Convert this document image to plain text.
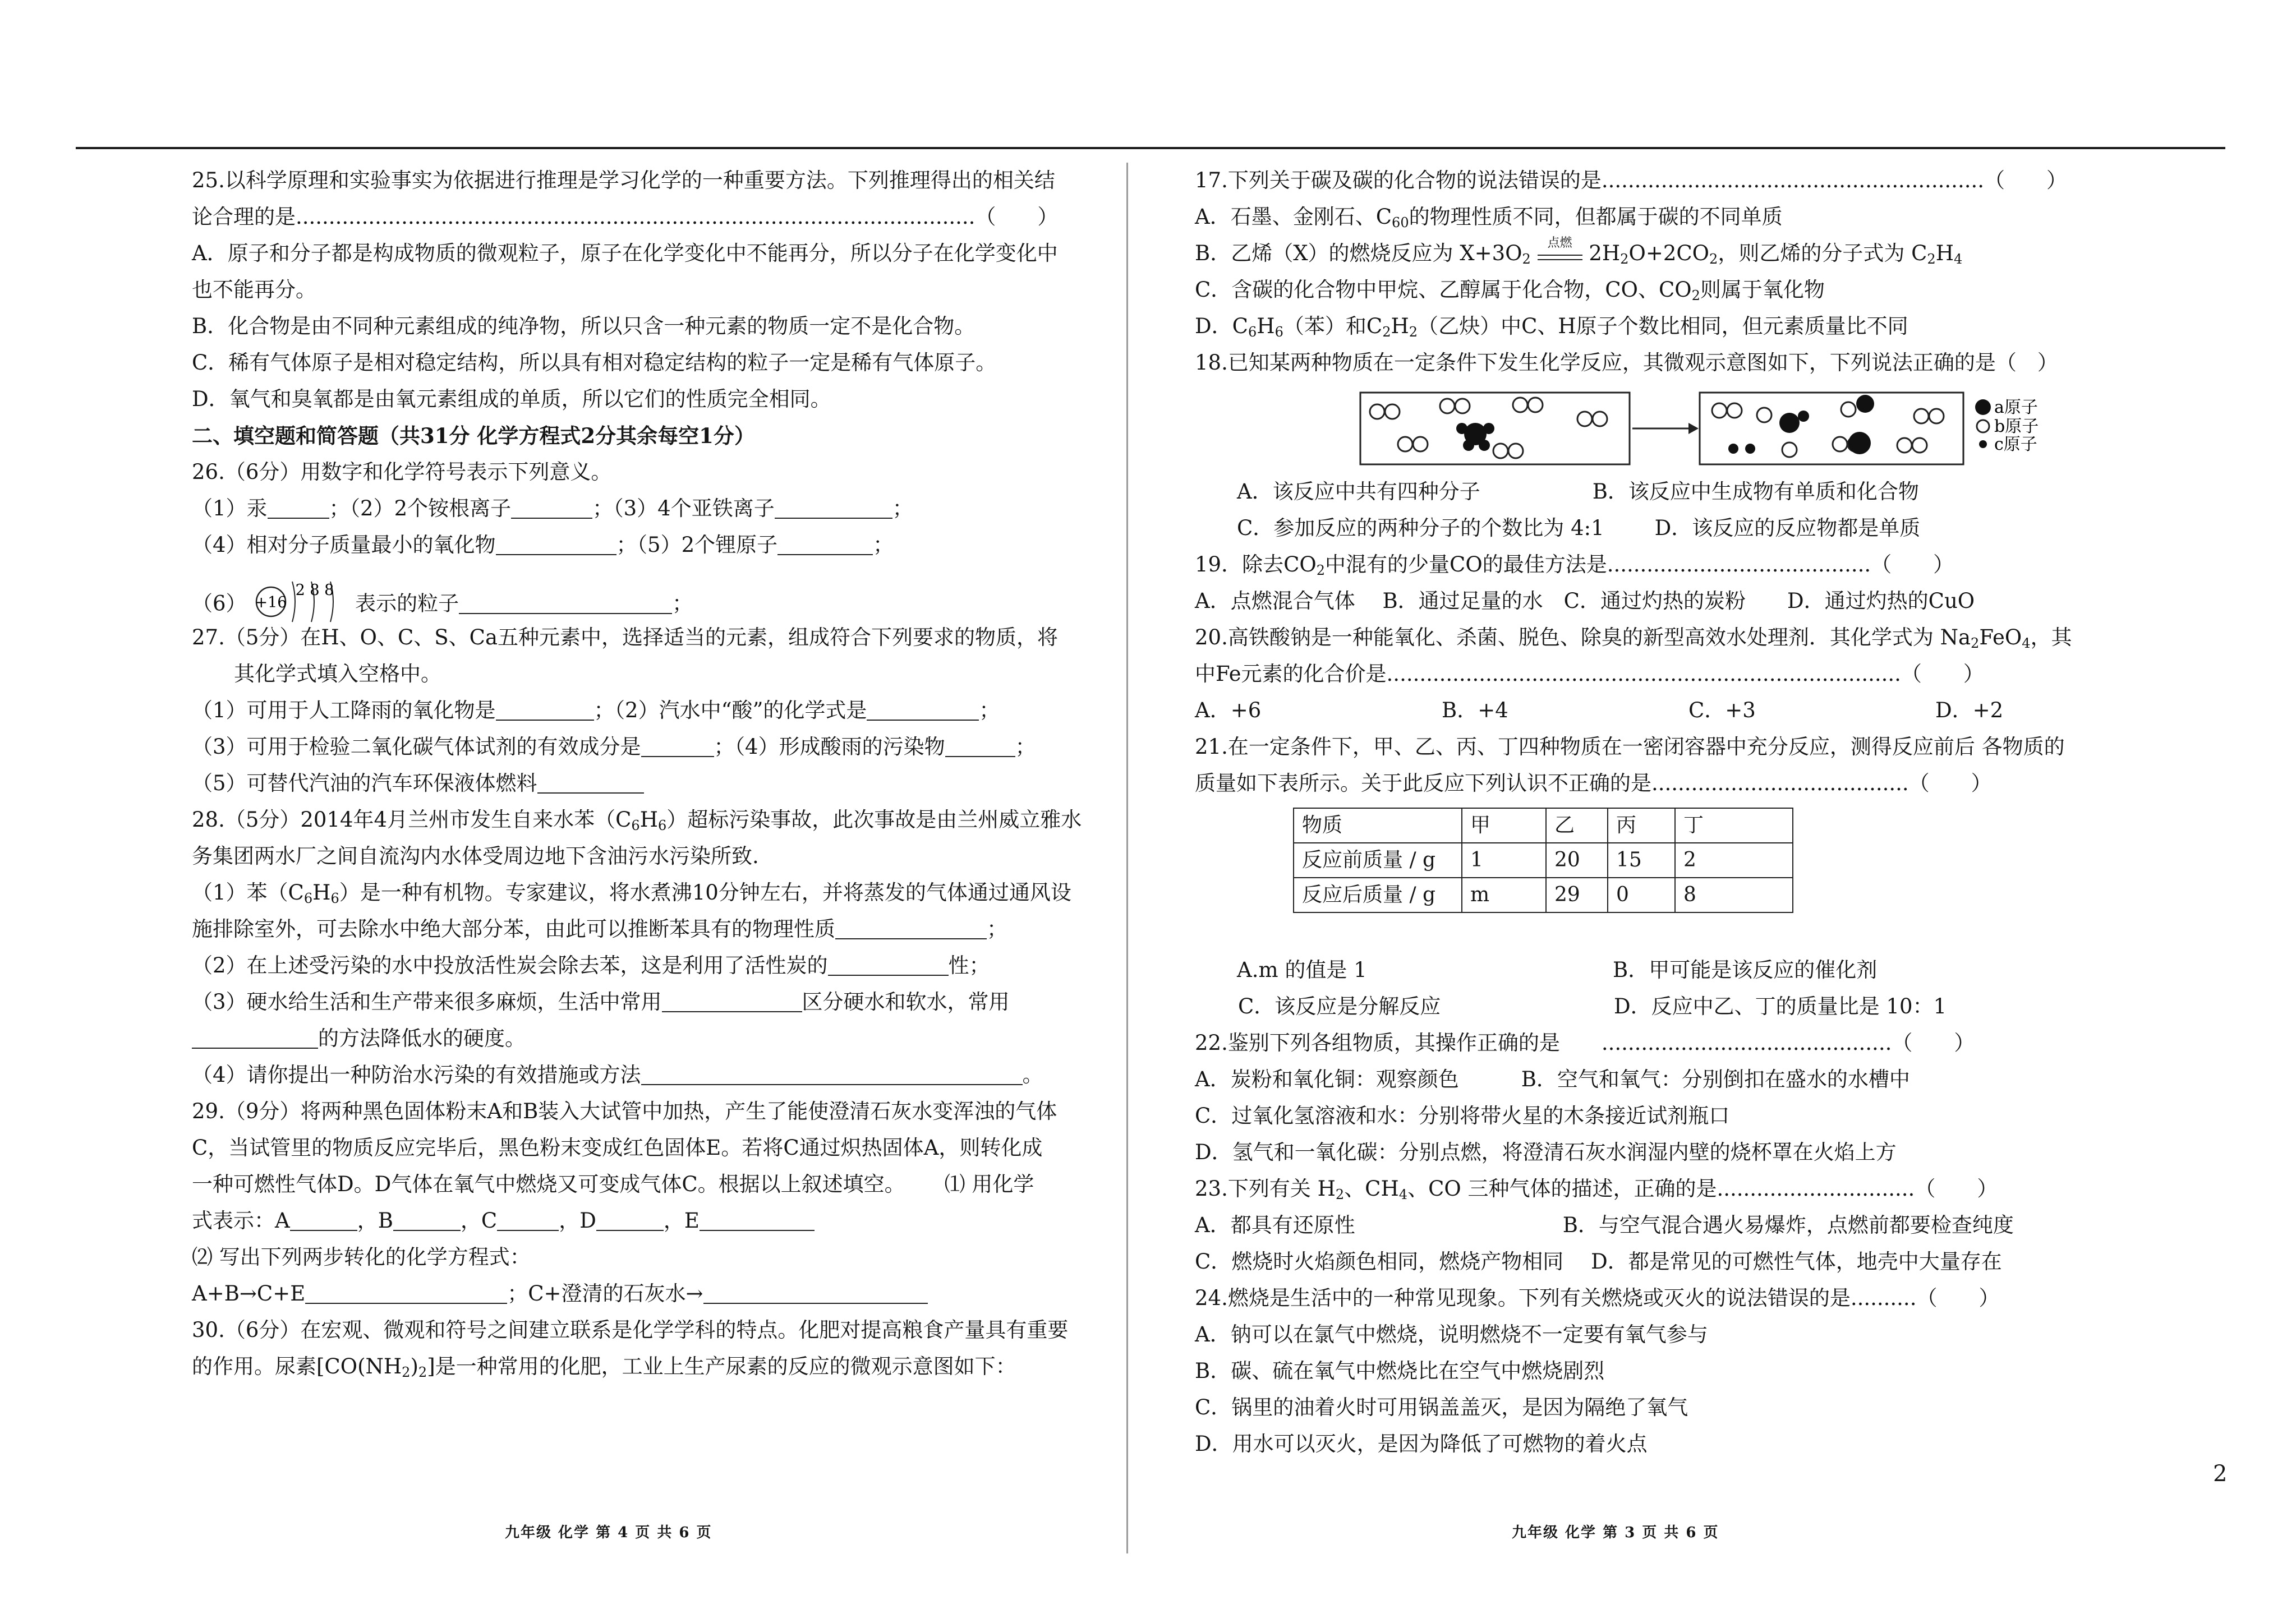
25.以科学原理和实验事实为依据进行推理是学习化学的一种重要方法。下列推理得出的相关结
论合理的是.......................................................................................................（　　）
A．原子和分子都是构成物质的微观粒子，原子在化学变化中不能再分，所以分子在化学变化中
也不能再分。
B．化合物是由不同种元素组成的纯净物，所以只含一种元素的物质一定不是化合物。
C．稀有气体原子是相对稳定结构，所以具有相对稳定结构的粒子一定是稀有气体原子。
D．氧气和臭氧都是由氧元素组成的单质，所以它们的性质完全相同。
二、填空题和简答题（共31分 化学方程式2分其余每空1分）
26.（6分）用数字和化学符号表示下列意义。
（1）汞	；（2）2个铵根离子	；（3）4个亚铁离子	；
（4）相对分子质量最小的氧化物	；（5）2个锂原子	；
（6） +16
2 8 8
表示的粒子	；
27.（5分）在H、O、C、S、Ca五种元素中，选择适当的元素，组成符合下列要求的物质，将
其化学式填入空格中。
（1）可用于人工降雨的氧化物是	；（2）汽水中“酸”的化学式是	；
（3）可用于检验二氧化碳气体试剂的有效成分是	；（4）形成酸雨的污染物	；
（5）可替代汽油的汽车环保液体燃料
28.（5分）2014年4月兰州市发生自来水苯$(C_6H_6)$超标污染事故，此次事故是由兰州威立雅水
务集团两水厂之间自流沟内水体受周边地下含油污水污染所致.
（1）苯$(C_6H_6)$是一种有机物。专家建议，将水煮沸10分钟左右，并将蒸发的气体通过通风设
施排除室外，可去除水中绝大部分苯，由此可以推断苯具有的物理性质	；
（2）在上述受污染的水中投放活性炭会除去苯，这是利用了活性炭的	性；
（3）硬水给生活和生产带来很多麻烦，生活中常用	区分硬水和软水，常用
的方法降低水的硬度。
（4）请你提出一种防治水污染的有效措施或方法	。
29.（9分）将两种黑色固体粉末A和B装入大试管中加热，产生了能使澄清石灰水变浑浊的气体
C，当试管里的物质反应完毕后，黑色粉末变成红色固体E。若将C通过炽热固体A，则转化成
一种可燃性气体D。D气体在氧气中燃烧又可变成气体C。根据以上叙述填空。 ⑴ 用化学
式表示：A	，B	，C	，D	，E
⑵ 写出下列两步转化的化学方程式：
A+B→C+E	；C+澄清的石灰水→
30.（6分）在宏观、微观和符号之间建立联系是化学学科的特点。化肥对提高粮食产量具有重要
的作用。尿素$[CO(NH_2)_2]$是一种常用的化肥，工业上生产尿素的反应的微观示意图如下：
九年级 化学 第 4 页 共 6 页
17.下列关于碳及碳的化合物的说法错误的是..........................................................（　　）
A．石墨、金刚石、$C_{60}$的物理性质不同，但都属于碳的不同单质
B．乙烯（X）的燃烧反应为 $X+3O_2$
点燃 $2H_2O+2CO_2$，则乙烯的分子式为 $C_2H_4$
C．含碳的化合物中甲烷、乙醇属于化合物，CO、$CO_2$则属于氧化物
D．$C_6H_6$（苯）和$C_2H_2$（乙炔）中C、H原子个数比相同，但元素质量比不同
18.已知某两种物质在一定条件下发生化学反应，其微观示意图如下，下列说法正确的是（　）
a原子
b原子
c原子
A．该反应中共有四种分子	B．该反应中生成物有单质和化合物
C．参加反应的两种分子的个数比为 4:1 D．该反应的反应物都是单质
19．除去$CO_2$中混有的少量CO的最佳方法是........................................（　　）
A．点燃混合气体　 B．通过足量的水　C．通过灼热的炭粉　　D．通过灼热的CuO
20.高铁酸钠是一种能氧化、杀菌、脱色、除臭的新型高效水处理剂．其化学式为 $Na_2FeO_4$，其
中Fe元素的化合价是..............................................................................（　　）
A．+6	B．+4	C．+3	D．+2
21.在一定条件下，甲、乙、丙、丁四种物质在一密闭容器中充分反应，测得反应前后 各物质的
质量如下表所示。关于此反应下列认识不正确的是.......................................（　　）
物质	甲	乙	丙	丁
反应前质量 / g	1	20	15	2
反应后质量 / g	m	29	0	8
A.m 的值是 1	B．甲可能是该反应的催化剂
C．该反应是分解反应	D．反应中乙、丁的质量比是 10：1
22.鉴别下列各组物质，其操作正确的是　　............................................（　　）
A．炭粉和氧化铜：观察颜色　　　B．空气和氧气：分别倒扣在盛水的水槽中
C．过氧化氢溶液和水：分别将带火星的木条接近试剂瓶口
D．氢气和一氧化碳：分别点燃，将澄清石灰水润湿内壁的烧杯罩在火焰上方
23.下列有关 $H_2$、$CH_4$、CO 三种气体的描述，正确的是..............................（　　）
A．都具有还原性　　　　　　　　　　B．与空气混合遇火易爆炸，点燃前都要检查纯度
C．燃烧时火焰颜色相同，燃烧产物相同　 D．都是常见的可燃性气体，地壳中大量存在
24.燃烧是生活中的一种常见现象。下列有关燃烧或灭火的说法错误的是..........（　　）
A．钠可以在氯气中燃烧，说明燃烧不一定要有氧气参与
B．碳、硫在氧气中燃烧比在空气中燃烧剧烈
C．锅里的油着火时可用锅盖盖灭，是因为隔绝了氧气
D．用水可以灭火，是因为降低了可燃物的着火点
九年级 化学 第 3 页 共 6 页
2
